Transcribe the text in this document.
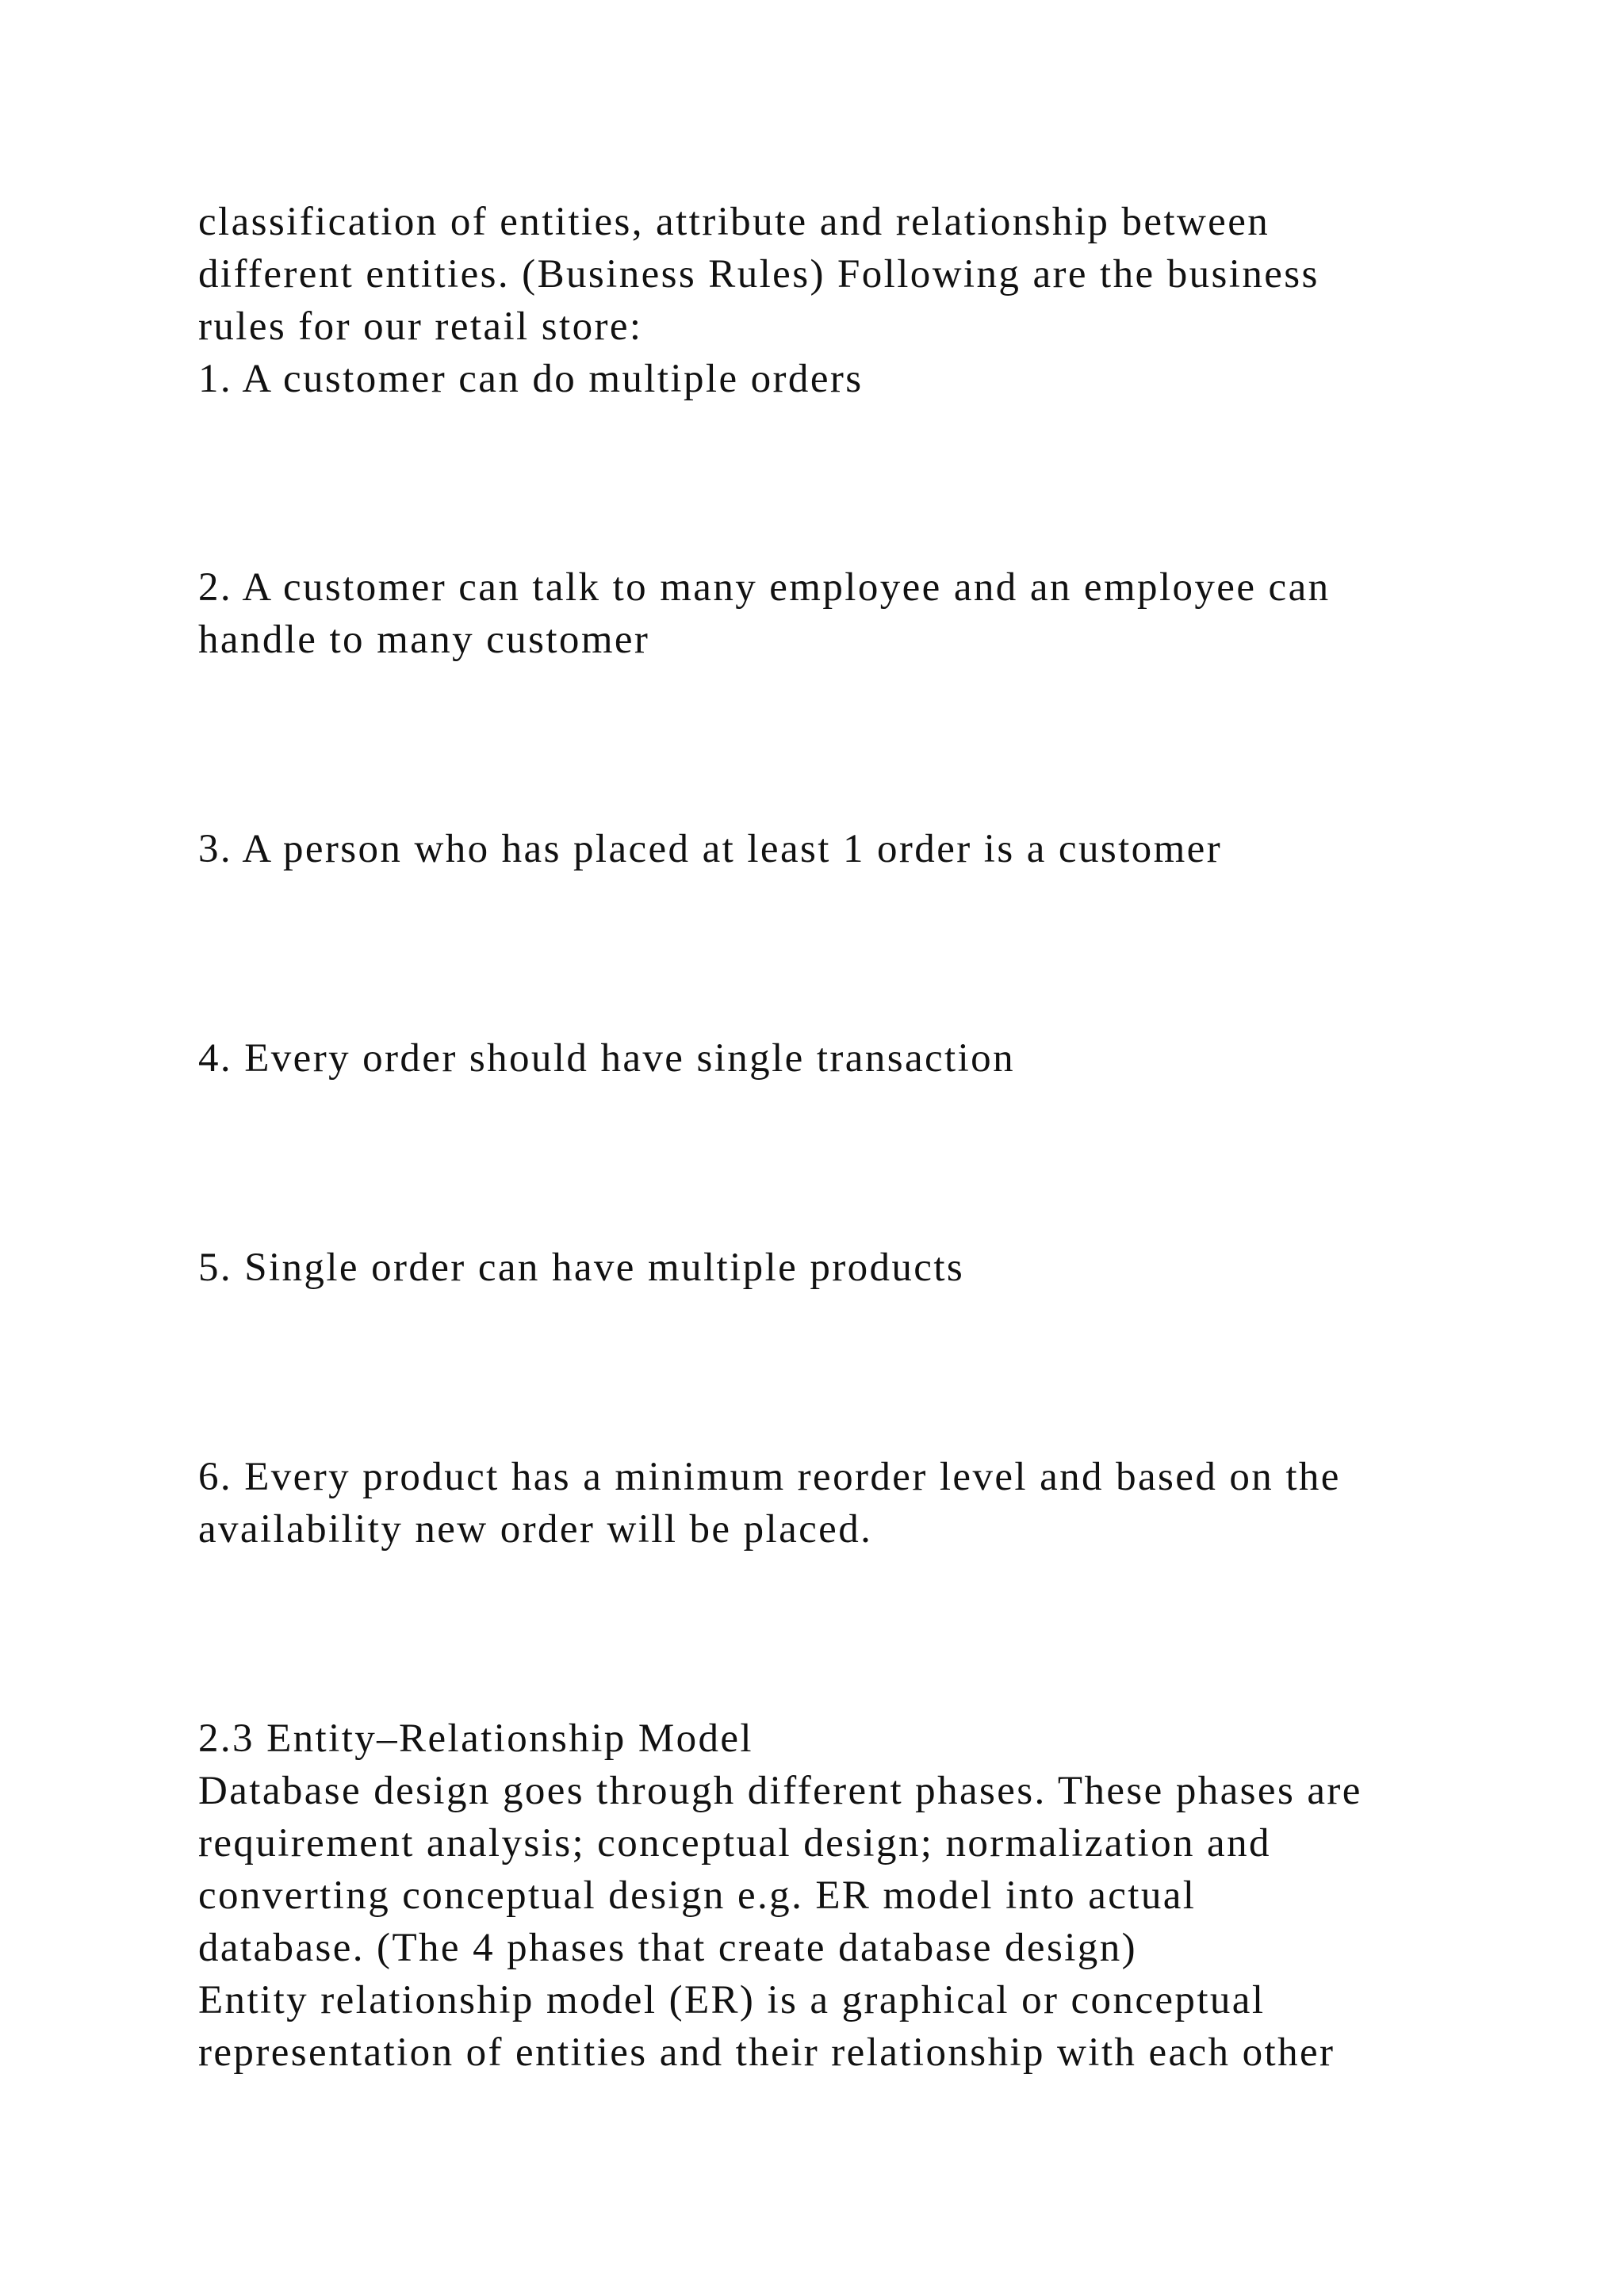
classification of entities, attribute and relationship between

different entities. (Business Rules) Following are the business

rules for our retail store:

1. A customer can do multiple orders

2. A customer can talk to many employee and an employee can

handle to many customer

3. A person who has placed at least 1 order is a customer

4. Every order should have single transaction

5. Single order can have multiple products

6. Every product has a minimum reorder level and based on the

availability new order will be placed.

2.3 Entity–Relationship Model

Database design goes through different phases. These phases are

requirement analysis; conceptual design; normalization and

converting conceptual design e.g. ER model into actual

database. (The 4 phases that create database design)

Entity relationship model (ER) is a graphical or conceptual

representation of entities and their relationship with each other
